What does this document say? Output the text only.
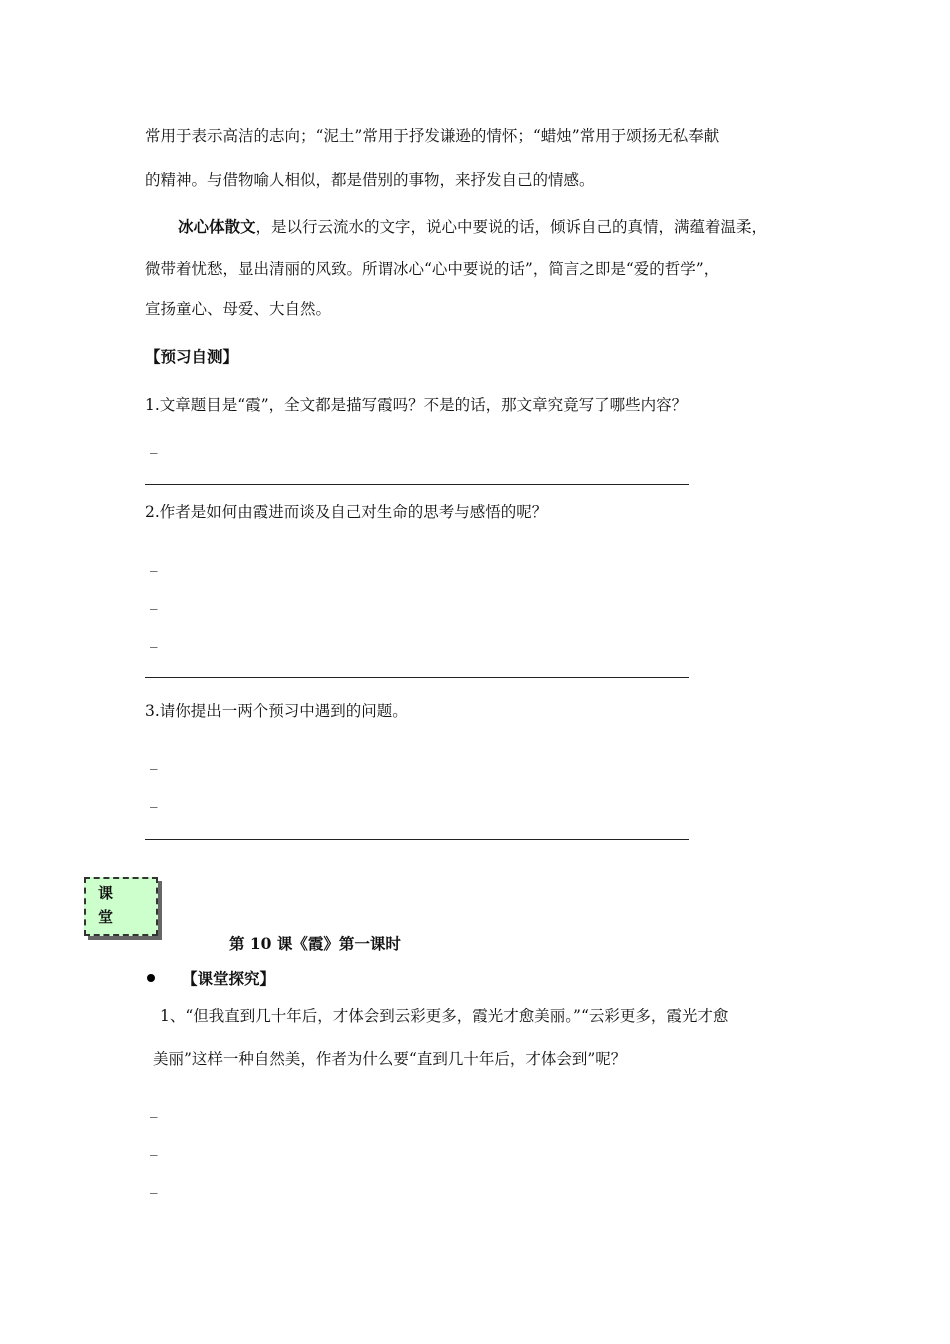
常用于表示高洁的志向；“泥土”常用于抒发谦逊的情怀；“蜡烛”常用于颂扬无私奉献
的精神。与借物喻人相似，都是借别的事物，来抒发自己的情感。
冰心体散文，是以行云流水的文字，说心中要说的话，倾诉自己的真情，满蕴着温柔，
微带着忧愁，显出清丽的风致。所谓冰心“心中要说的话”，简言之即是“爱的哲学”，
宣扬童心、母爱、大自然。
【预习自测】
1.文章题目是“霞”，全文都是描写霞吗？不是的话，那文章究竟写了哪些内容？
_
2.作者是如何由霞进而谈及自己对生命的思考与感悟的呢？
_
_
_
3.请你提出一两个预习中遇到的问题。
_
_
课
堂
第 10 课《霞》第一课时
【课堂探究】
1、“但我直到几十年后，才体会到云彩更多，霞光才愈美丽。”“云彩更多，霞光才愈
美丽”这样一种自然美，作者为什么要“直到几十年后，才体会到”呢？
_
_
_
